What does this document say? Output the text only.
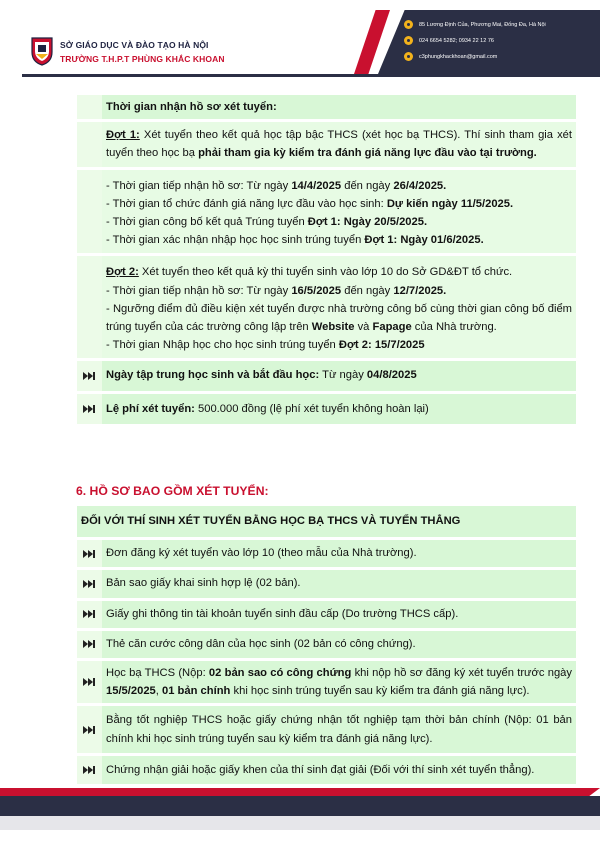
SỞ GIÁO DỤC VÀ ĐÀO TẠO HÀ NỘI
TRƯỜNG T.H.P.T PHÙNG KHẮC KHOAN
85 Lương Định Của, Phương Mai, Đống Đa, Hà Nội
024 6654 5282; 0934 22 12 76
c3phungkhackhoan@gmail.com
Thời gian nhận hồ sơ xét tuyển:

Đợt 1: Xét tuyển theo kết quả học tập bậc THCS (xét học bạ THCS). Thí sinh tham gia xét tuyển theo học bạ phải tham gia kỳ kiểm tra đánh giá năng lực đầu vào tại trường.

- Thời gian tiếp nhận hồ sơ: Từ ngày 14/4/2025 đến ngày 26/4/2025.

- Thời gian tổ chức đánh giá năng lực đầu vào học sinh: Dự kiến ngày 11/5/2025.

- Thời gian công bố kết quả Trúng tuyển Đợt 1: Ngày 20/5/2025.

- Thời gian xác nhận nhập học học sinh trúng tuyển Đợt 1: Ngày 01/6/2025.

Đợt 2: Xét tuyển theo kết quả kỳ thi tuyển sinh vào lớp 10 do Sở GD&ĐT tổ chức.

- Thời gian tiếp nhận hồ sơ: Từ ngày 16/5/2025 đến ngày 12/7/2025.

- Ngưỡng điểm đủ điều kiện xét tuyển được nhà trường công bố cùng thời gian công bố điểm trúng tuyển của các trường công lập trên Website và Fapage của Nhà trường.

- Thời gian Nhập học cho học sinh trúng tuyển Đợt 2: 15/7/2025

Ngày tập trung học sinh và bắt đầu học: Từ ngày 04/8/2025
Lệ phí xét tuyển: 500.000 đồng (lệ phí xét tuyển không hoàn lại)
6. HỒ SƠ BAO GỒM XÉT TUYỂN:
ĐỐI VỚI THÍ SINH XÉT TUYỂN BẰNG HỌC BẠ THCS VÀ TUYỂN THẲNG
Đơn đăng ký xét tuyển vào lớp 10 (theo mẫu của Nhà trường).
Bản sao giấy khai sinh hợp lệ (02 bản).
Giấy ghi thông tin tài khoản tuyển sinh đầu cấp (Do trường THCS cấp).
Thẻ căn cước công dân của học sinh (02 bản có công chứng).
Học bạ THCS (Nộp: 02 bản sao có công chứng khi nộp hồ sơ đăng ký xét tuyển trước ngày 15/5/2025, 01 bản chính khi học sinh trúng tuyển sau kỳ kiểm tra đánh giá năng lực).
Bằng tốt nghiệp THCS hoặc giấy chứng nhận tốt nghiệp tạm thời bản chính (Nộp: 01 bản chính khi học sinh trúng tuyển sau kỳ kiểm tra đánh giá năng lực).
Chứng nhận giải hoặc giấy khen của thí sinh đạt giải (Đối với thí sinh xét tuyển thẳng).
